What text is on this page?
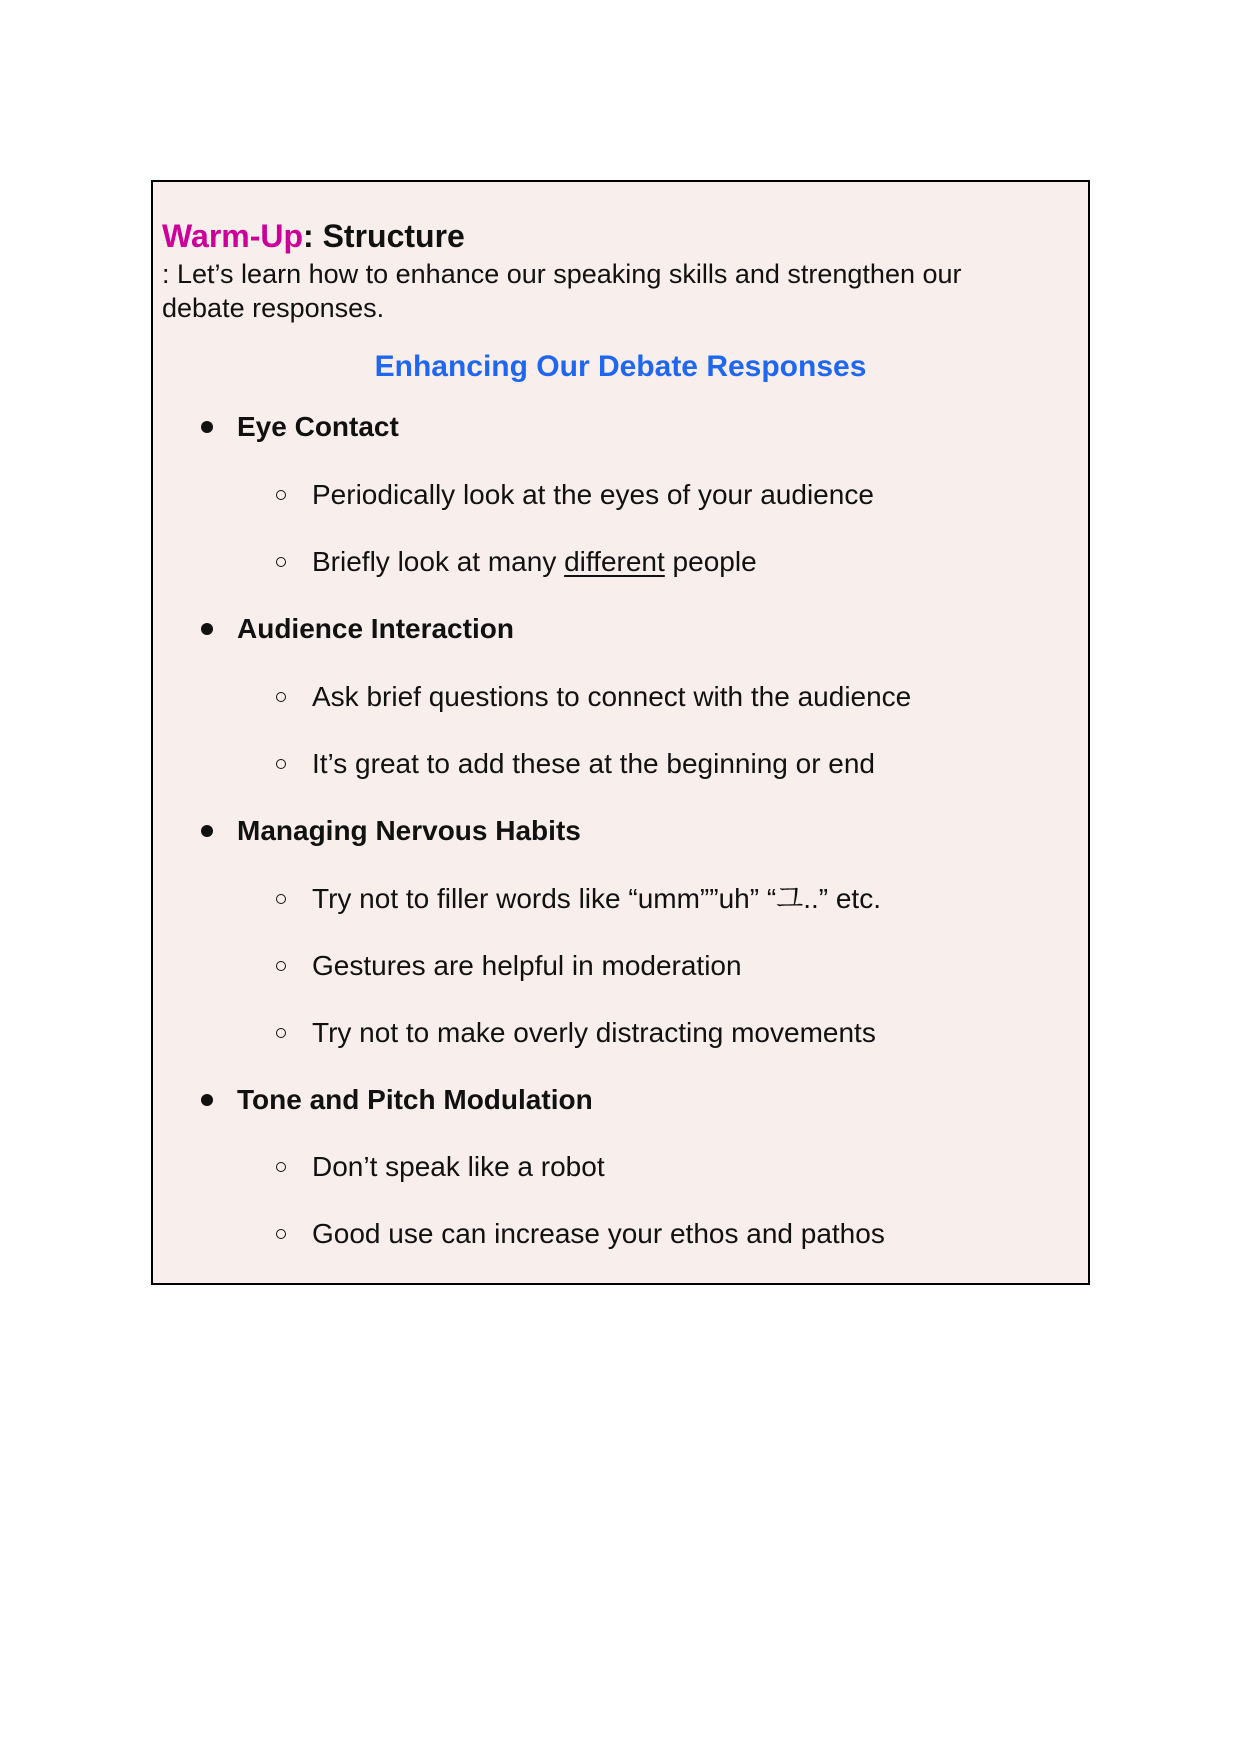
Warm-Up: Structure
: Let’s learn how to enhance our speaking skills and strengthen our
debate responses.
Enhancing Our Debate Responses
Eye Contact
Periodically look at the eyes of your audience
Briefly look at many different people
Audience Interaction
Ask brief questions to connect with the audience
It’s great to add these at the beginning or end
Managing Nervous Habits
Try not to filler words like “umm””uh” “그..” etc.
Gestures are helpful in moderation
Try not to make overly distracting movements
Tone and Pitch Modulation
Don’t speak like a robot
Good use can increase your ethos and pathos
